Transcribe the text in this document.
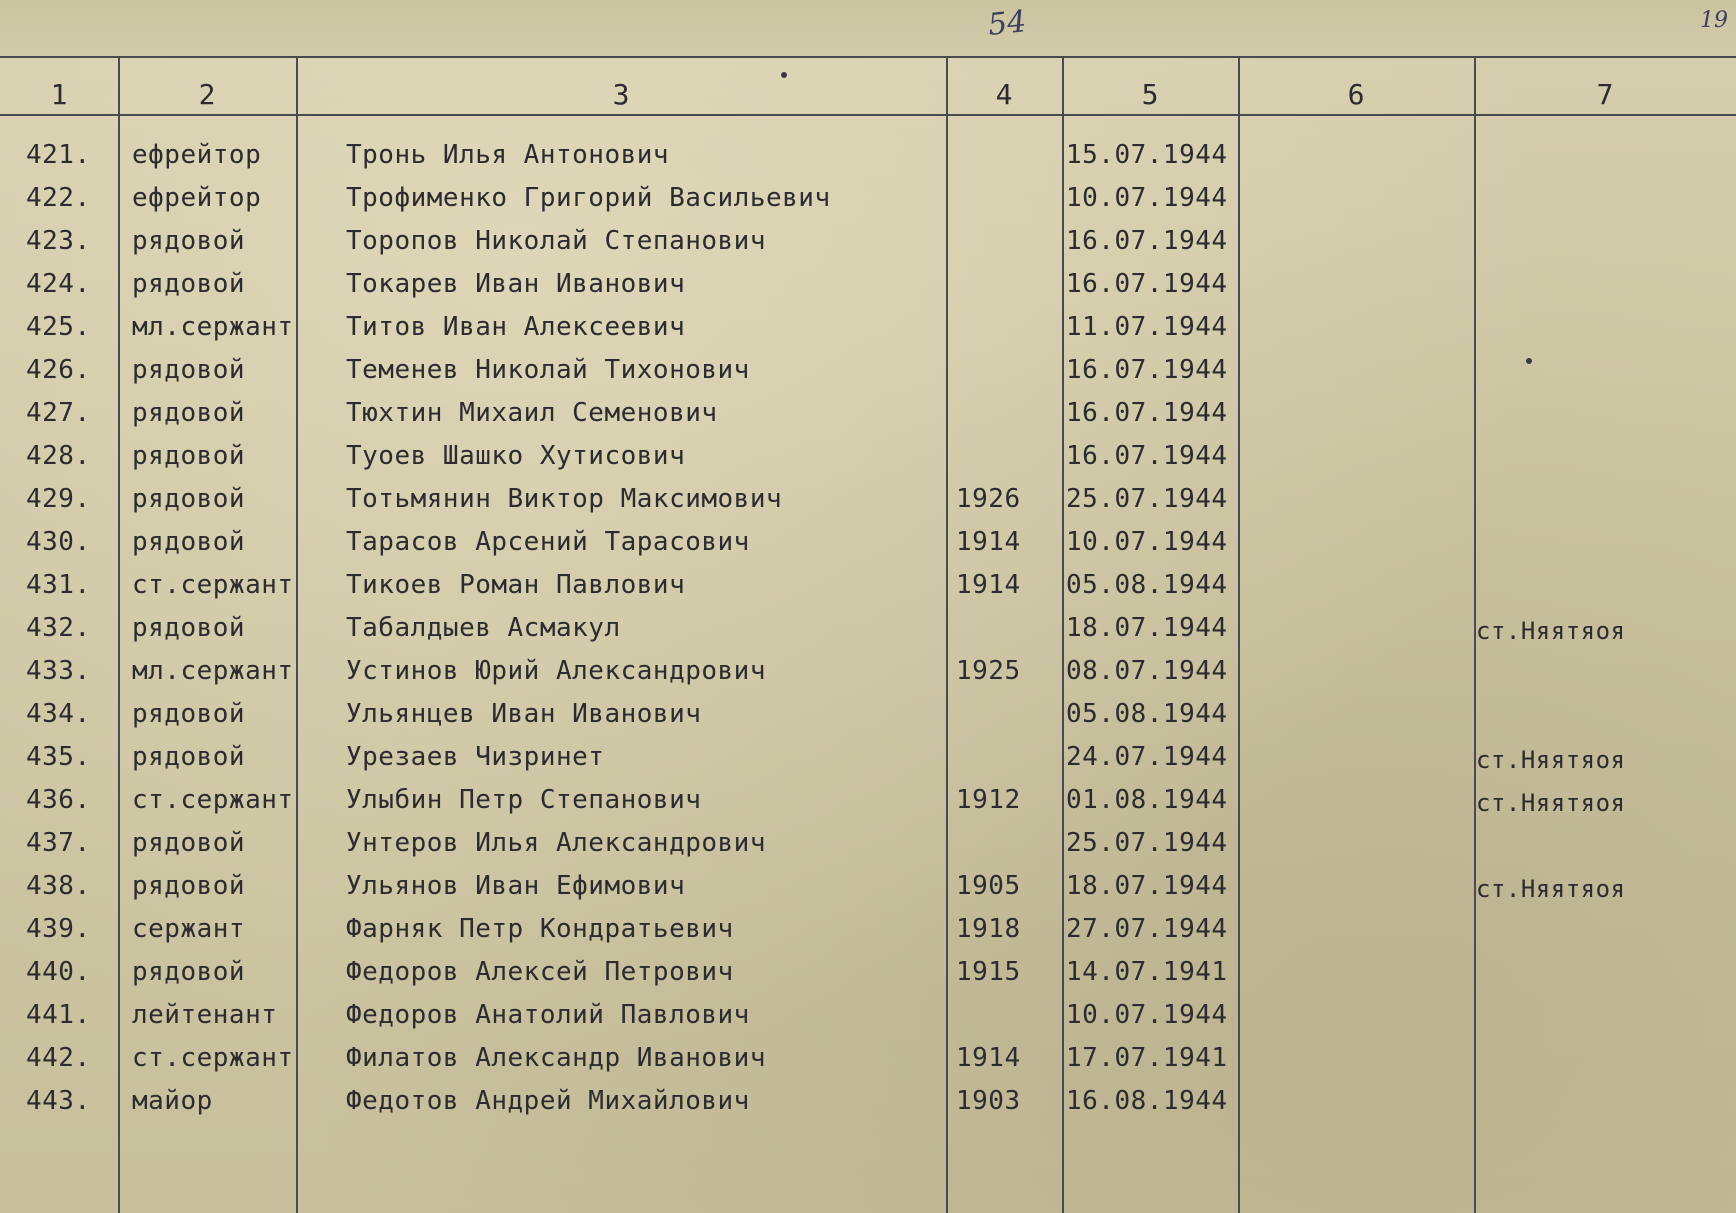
54	19
1	2	3	4	5	6	7
421. ефрейтор	Тронь Илья Антонович	15.07.1944
422. ефрейтор	Трофименко Григорий Васильевич	10.07.1944
423. рядовой	Торопов Николай Степанович	16.07.1944
424. рядовой	Токарев Иван Иванович	16.07.1944
425. мл.сержант Титов Иван Алексеевич	11.07.1944
426. рядовой	Теменев Николай Тихонович	16.07.1944
427. рядовой	Тюхтин Михаил Семенович	16.07.1944
428. рядовой	Туоев Шашко Хутисович	16.07.1944
429. рядовой	Тотьмянин Виктор Максимович	1926 25.07.1944
430. рядовой	Тарасов Арсений Тарасович	1914 10.07.1944
431. ст.сержант Тикоев Роман Павлович	1914 05.08.1944
432. рядовой	Табалдыев Асмакул	18.07.1944	ст.Няятяоя
433. мл.сержант Устинов Юрий Александрович	1925 08.07.1944
434. рядовой	Ульянцев Иван Иванович	05.08.1944
435. рядовой	Урезаев Чизринет	24.07.1944	ст.Няятяоя
436. ст.сержант Улыбин Петр Степанович	1912 01.08.1944	ст.Няятяоя
437. рядовой	Унтеров Илья Александрович	25.07.1944
438. рядовой	Ульянов Иван Ефимович	1905 18.07.1944	ст.Няятяоя
439. сержант	Фарняк Петр Кондратьевич	1918 27.07.1944
440. рядовой	Федоров Алексей Петрович	1915 14.07.1941
441. лейтенант	Федоров Анатолий Павлович	10.07.1944
442. ст.сержант Филатов Александр Иванович	1914 17.07.1941
443. майор	Федотов Андрей Михайлович	1903 16.08.1944
